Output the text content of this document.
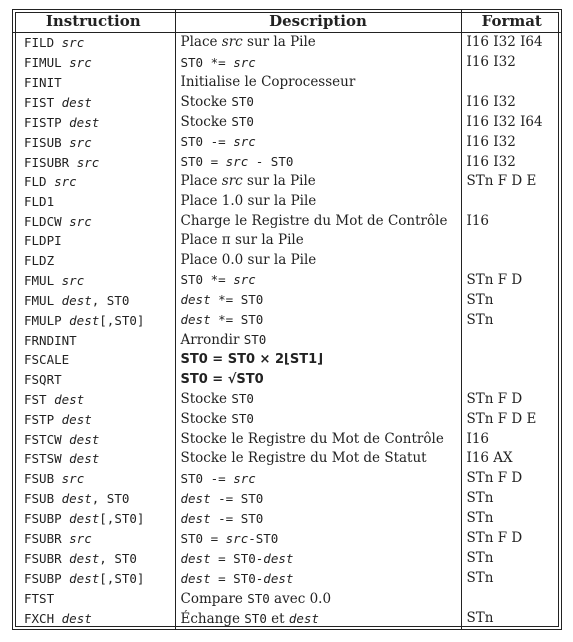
Instruction	Description	Format
FILD src	Place src sur la Pile	I16 I32 I64
FIMUL src	ST0 *= src	I16 I32
FINIT	Initialise le Coprocesseur	
FIST dest	Stocke ST0	I16 I32
FISTP dest	Stocke ST0	I16 I32 I64
FISUB src	ST0 -= src	I16 I32
FISUBR src	ST0 = src - ST0	I16 I32
FLD src	Place src sur la Pile	STn F D E
FLD1	Place 1.0 sur la Pile	
FLDCW src	Charge le Registre du Mot de Contrôle	I16
FLDPI	Place π sur la Pile	
FLDZ	Place 0.0 sur la Pile	
FMUL src	ST0 *= src	STn F D
FMUL dest, ST0	dest *= ST0	STn
FMULP dest[,ST0]	dest *= ST0	STn
FRNDINT	Arrondir ST0	
FSCALE	ST0 = ST0 × 2⌊ST1⌋	
FSQRT	ST0 = √ST0	
FST dest	Stocke ST0	STn F D
FSTP dest	Stocke ST0	STn F D E
FSTCW dest	Stocke le Registre du Mot de Contrôle	I16
FSTSW dest	Stocke le Registre du Mot de Statut	I16 AX
FSUB src	ST0 -= src	STn F D
FSUB dest, ST0	dest -= ST0	STn
FSUBP dest[,ST0]	dest -= ST0	STn
FSUBR src	ST0 = src-ST0	STn F D
FSUBR dest, ST0	dest = ST0-dest	STn
FSUBP dest[,ST0]	dest = ST0-dest	STn
FTST	Compare ST0 avec 0.0	
FXCH dest	Échange ST0 et dest	STn
